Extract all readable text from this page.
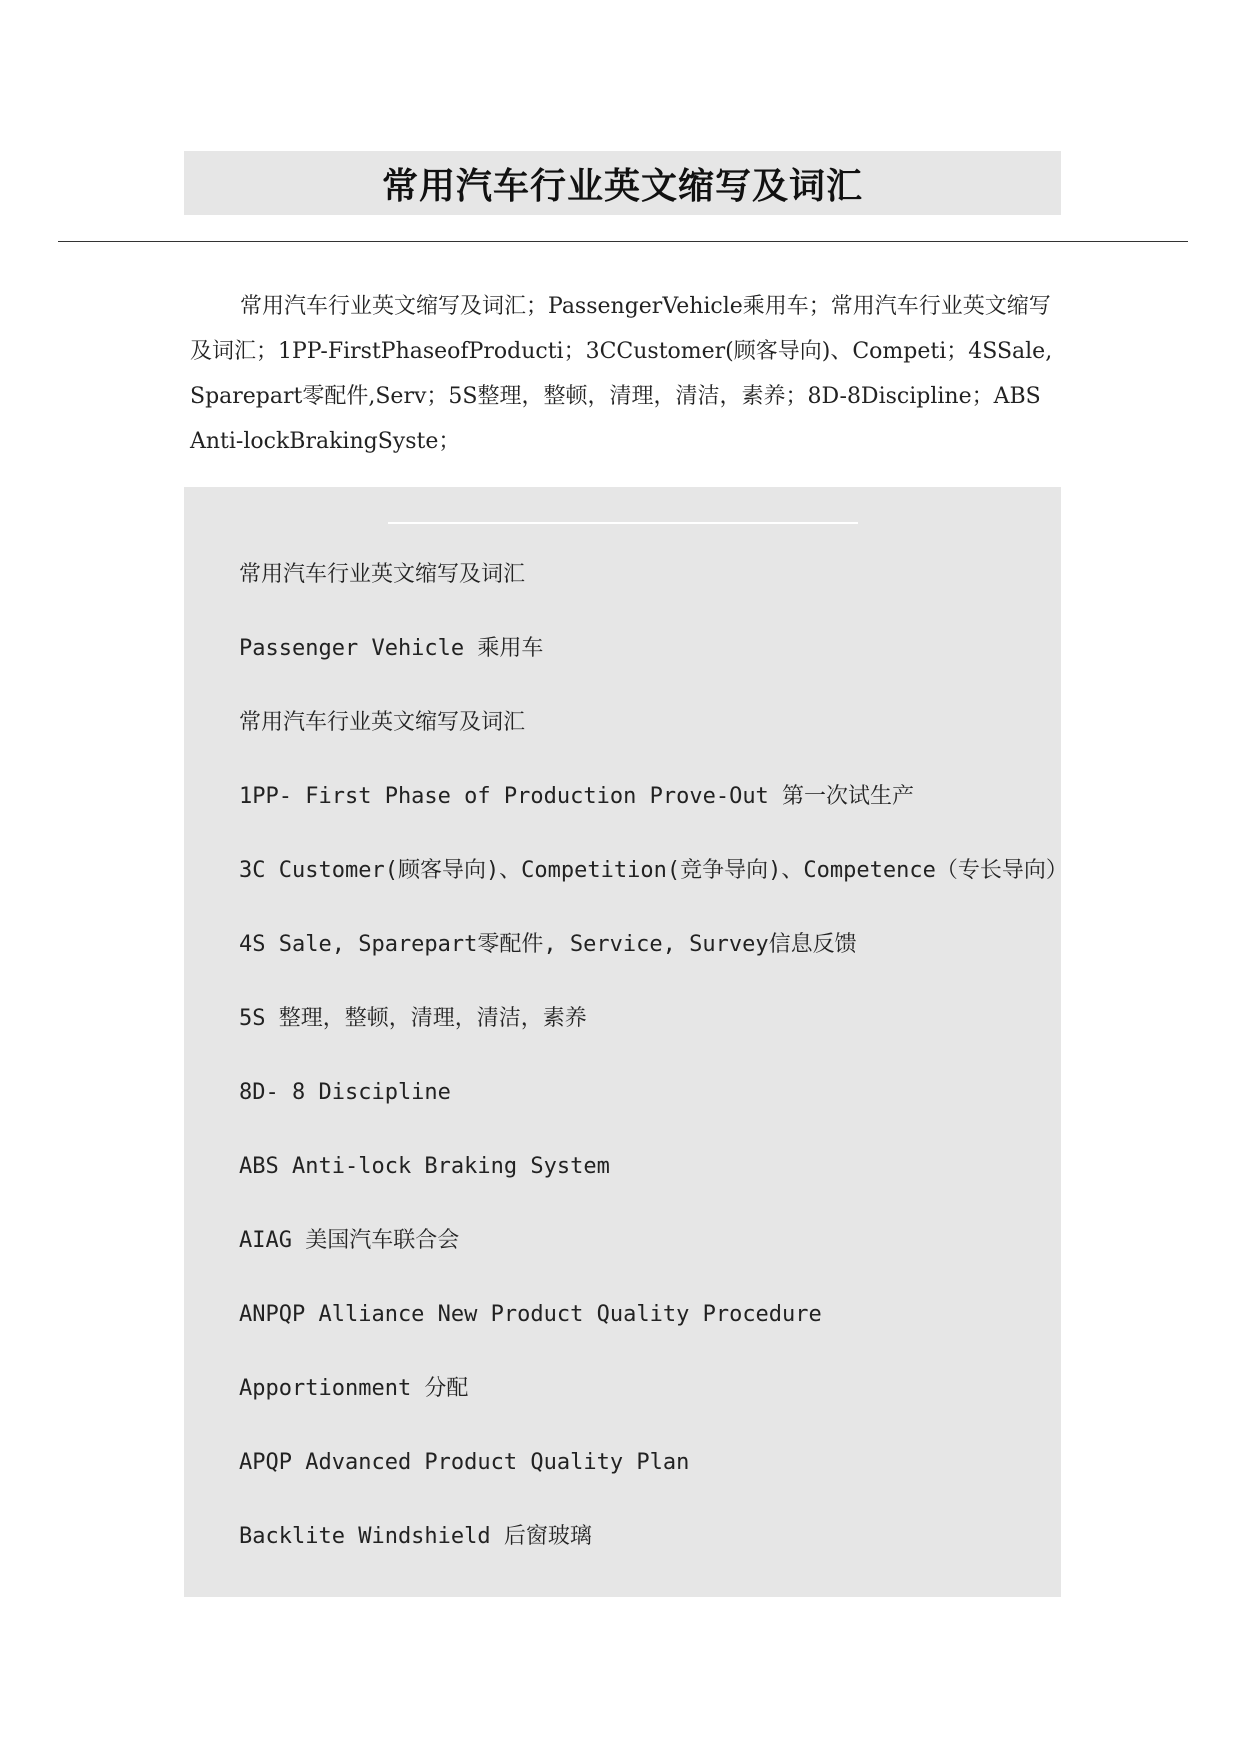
常用汽车行业英文缩写及词汇

常用汽车行业英文缩写及词汇；PassengerVehicle乘用车；常用汽车行业英文缩写及词汇；1PP-FirstPhaseofProducti；3CCustomer(顾客导向)、Competi；4SSale,Sparepart零配件,Serv；5S整理，整顿，清理，清洁，素养；8D-8Discipline；ABSAnti-lockBrakingSyste；

常用汽车行业英文缩写及词汇
Passenger Vehicle 乘用车
常用汽车行业英文缩写及词汇
1PP- First Phase of Production Prove-Out 第一次试生产
3C Customer(顾客导向)、Competition(竞争导向)、Competence（专长导向）
4S Sale, Sparepart零配件, Service, Survey信息反馈
5S 整理，整顿，清理，清洁，素养
8D- 8 Discipline
ABS Anti-lock Braking System
AIAG 美国汽车联合会
ANPQP Alliance New Product Quality Procedure
Apportionment 分配
APQP Advanced Product Quality Plan
Backlite Windshield 后窗玻璃
